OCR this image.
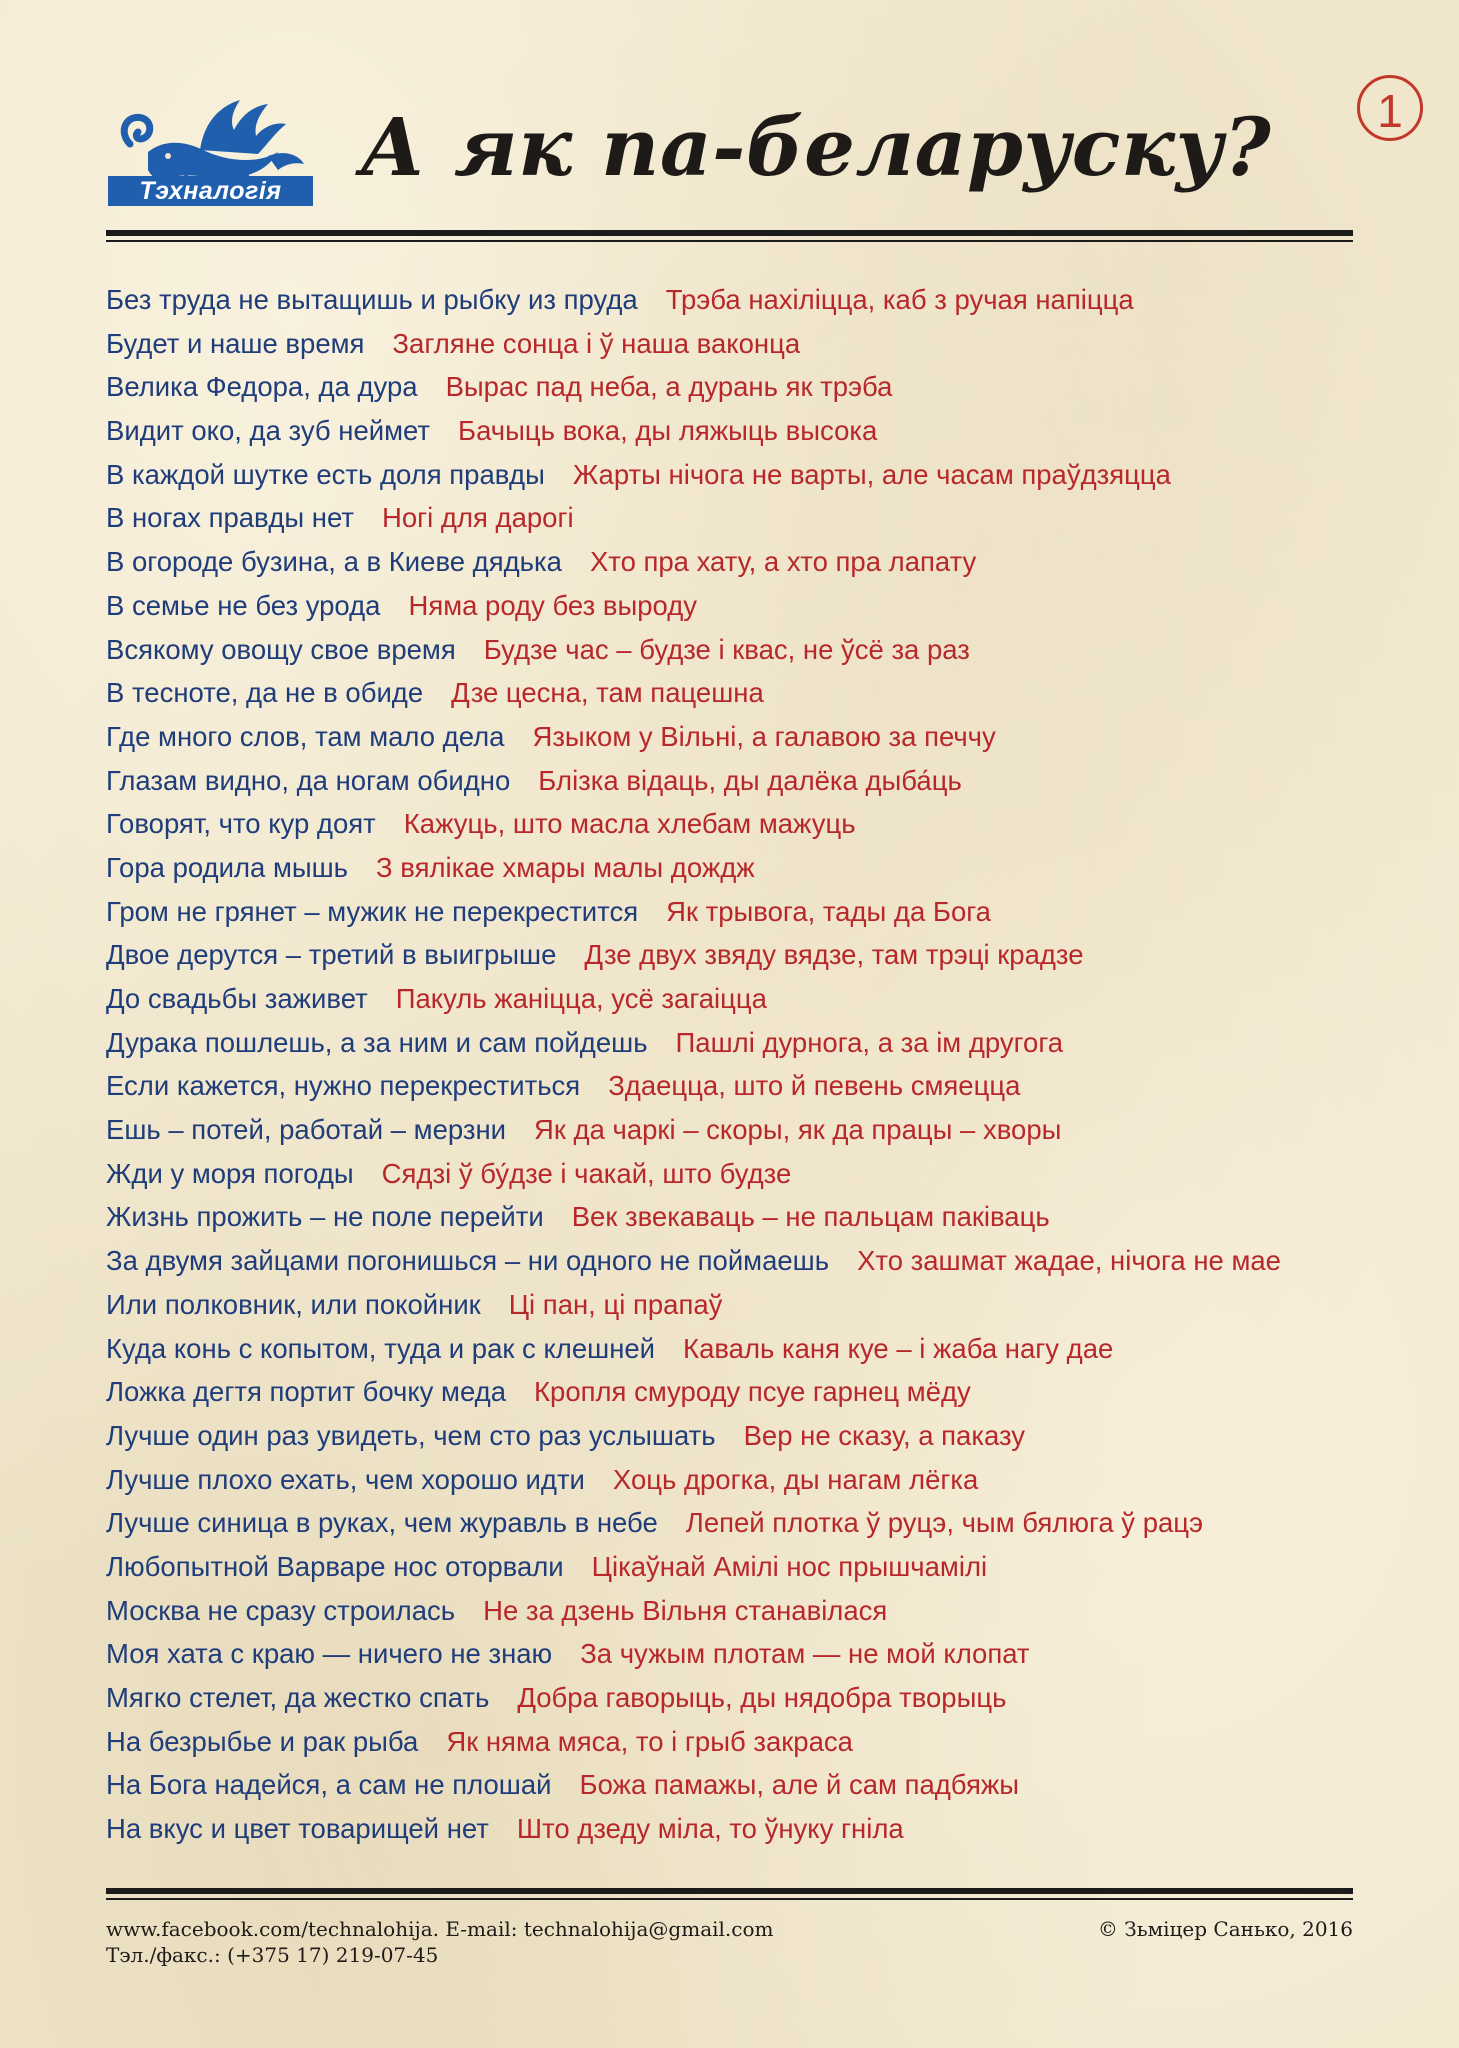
Тэхналогія А як па-беларуску?	1
Без труда не вытащишь и рыбку из пруда Трэба нахіліцца, каб з ручая напіцца
Будет и наше время Загляне сонца і ў наша ваконца
Велика Федора, да дура Вырас пад неба, а дурань як трэба
Видит око, да зуб неймет Бачыць вока, ды ляжыць высока
В каждой шутке есть доля правды Жарты нічога не варты, але часам праўдзяцца
В ногах правды нет Ногі для дарогі
В огороде бузина, а в Киеве дядька Хто пра хату, а хто пра лапату
В семье не без урода Няма роду без выроду
Всякому овощу свое время Будзе час – будзе і квас, не ўсё за раз
В тесноте, да не в обиде Дзе цесна, там пацешна
Где много слов, там мало дела Языком у Вільні, а галавою за печчу
Глазам видно, да ногам обидно Блізка відаць, ды далёка дыба́ць
Говорят, что кур доят Кажуць, што масла хлебам мажуць
Гора родила мышь З вялікае хмары малы дождж
Гром не грянет – мужик не перекрестится Як трывога, тады да Бога
Двое дерутся – третий в выигрыше Дзе двух звяду вядзе, там трэці крадзе
До свадьбы заживет Пакуль жаніцца, усё загаіцца
Дурака пошлешь, а за ним и сам пойдешь Пашлі дурнога, а за ім другога
Если кажется, нужно перекреститься Здаецца, што й певень смяецца
Ешь – потей, работай – мерзни Як да чаркі – скоры, як да працы – хворы
Жди у моря погоды Сядзі ў бу́дзе і чакай, што будзе
Жизнь прожить – не поле перейти Век звекаваць – не пальцам паківаць
За двумя зайцами погонишься – ни одного не поймаешь Хто зашмат жадае, нічога не мае
Или полковник, или покойник Ці пан, ці прапаў
Куда конь с копытом, туда и рак с клешней Каваль каня куе – і жаба нагу дае
Ложка дегтя портит бочку меда Кропля смуроду псуе гарнец мёду
Лучше один раз увидеть, чем сто раз услышать Вер не сказу, а паказу
Лучше плохо ехать, чем хорошо идти Хоць дрогка, ды нагам лёгка
Лучше синица в руках, чем журавль в небе Лепей плотка ў руцэ, чым бялюга ў рацэ
Любопытной Варваре нос оторвали Цікаўнай Амілі нос прышчамілі
Москва не сразу строилась Не за дзень Вільня станавілася
Моя хата с краю — ничего не знаю За чужым плотам — не мой клопат
Мягко стелет, да жестко спать Добра гаворыць, ды нядобра творыць
На безрыбье и рак рыба Як няма мяса, то і грыб закраса
На Бога надейся, а сам не плошай Божа памажы, але й сам падбяжы
На вкус и цвет товарищей нет Што дзеду міла, то ўнуку гніла
www.facebook.com/technalohija. E-mail: technalohija@gmail.com
Тэл./факс.: (+375 17) 219-07-45
© Зьміцер Санько, 2016
